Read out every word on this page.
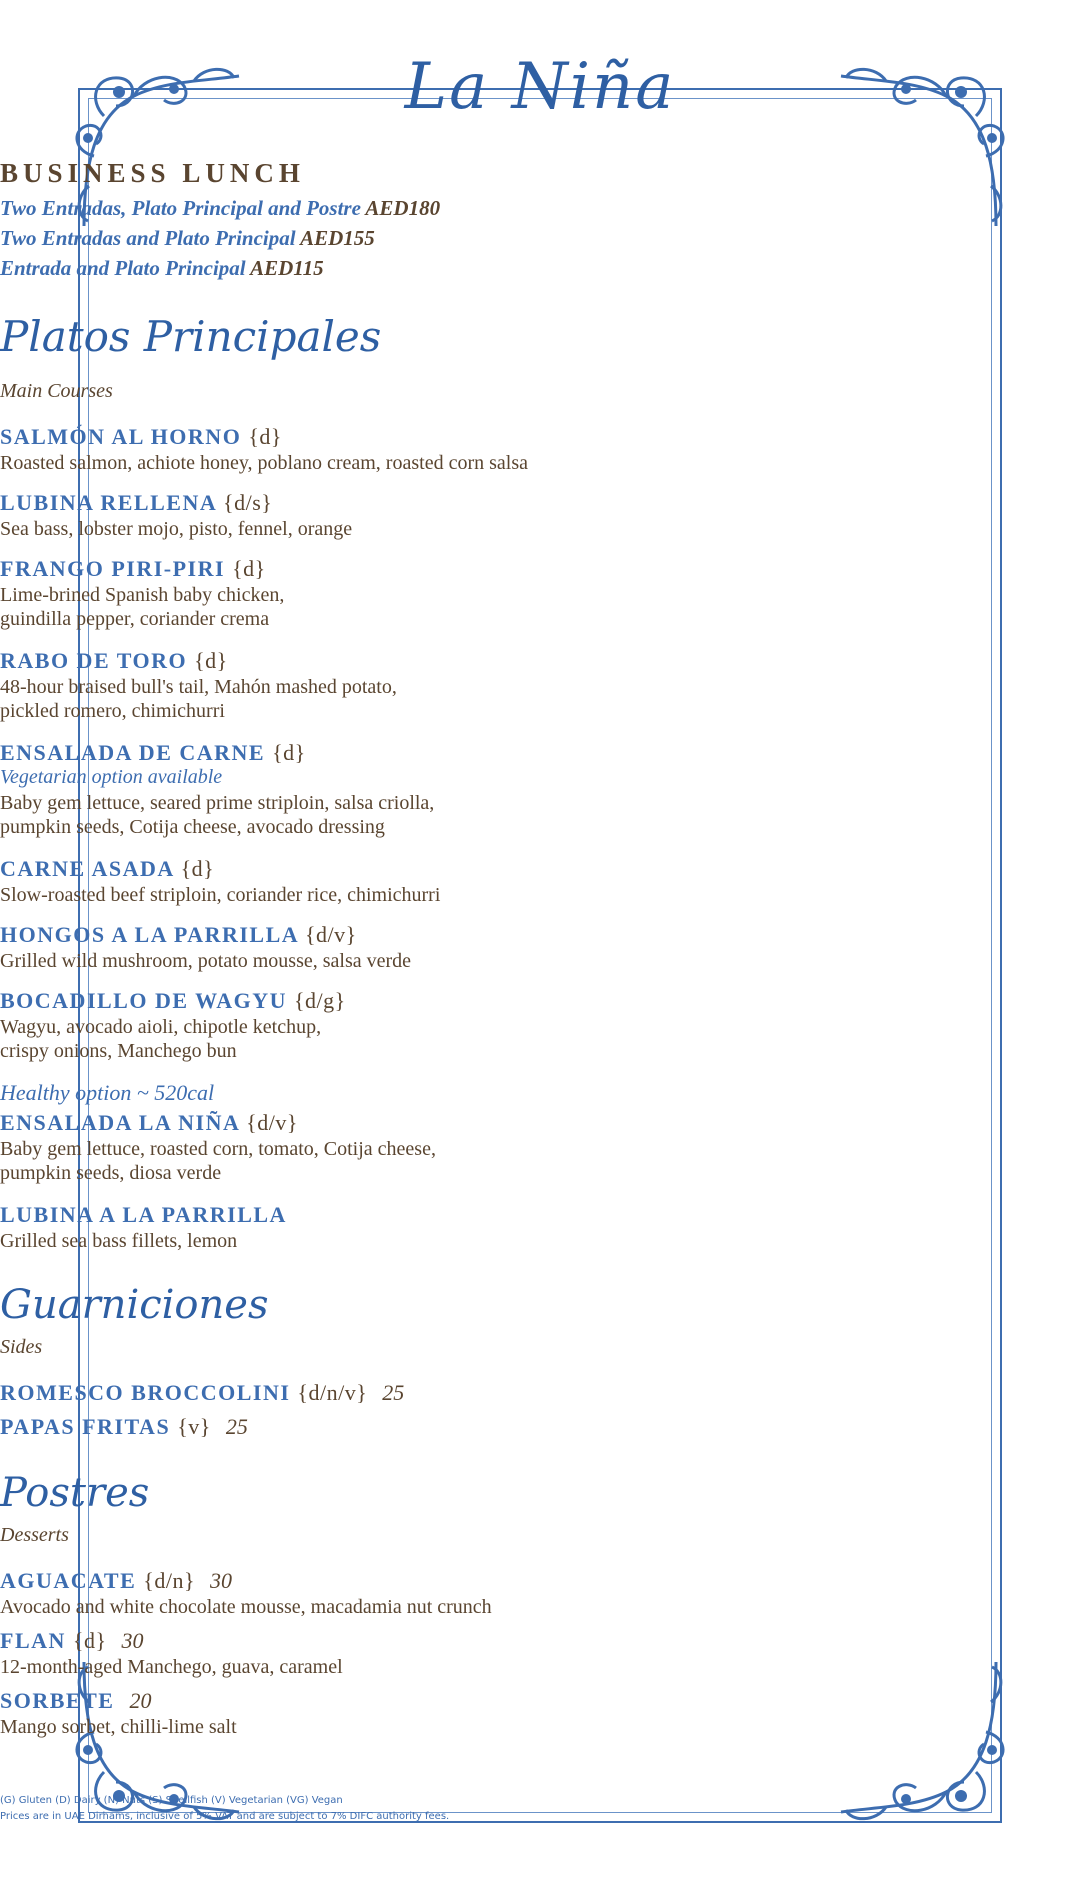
La Niña
BUSINESS LUNCH
Two Entradas, Plato Principal and Postre AED180
Two Entradas and Plato Principal AED155
Entrada and Plato Principal AED115
Platos Principales
Main Courses
SALMÓN AL HORNO {d}
Roasted salmon, achiote honey, poblano cream, roasted corn salsa
LUBINA RELLENA {d/s}
Sea bass, lobster mojo, pisto, fennel, orange
FRANGO PIRI-PIRI {d}
Lime-brined Spanish baby chicken,
guindilla pepper, coriander crema
RABO DE TORO {d}
48-hour braised bull's tail, Mahón mashed potato,
pickled romero, chimichurri
ENSALADA DE CARNE {d}
Vegetarian option available
Baby gem lettuce, seared prime striploin, salsa criolla,
pumpkin seeds, Cotija cheese, avocado dressing
CARNE ASADA {d}
Slow-roasted beef striploin, coriander rice, chimichurri
HONGOS A LA PARRILLA {d/v}
Grilled wild mushroom, potato mousse, salsa verde
BOCADILLO DE WAGYU {d/g}
Wagyu, avocado aioli, chipotle ketchup,
crispy onions, Manchego bun
Healthy option ~ 520cal
ENSALADA LA NIÑA {d/v}
Baby gem lettuce, roasted corn, tomato, Cotija cheese,
pumpkin seeds, diosa verde
LUBINA A LA PARRILLA
Grilled sea bass fillets, lemon
Guarniciones
Sides
ROMESCO BROCCOLINI {d/n/v} 25
PAPAS FRITAS {v} 25
Postres
Desserts
AGUACATE {d/n} 30
Avocado and white chocolate mousse, macadamia nut crunch
FLAN {d} 30
12-month-aged Manchego, guava, caramel
SORBETE 20
Mango sorbet, chilli-lime salt
(G) Gluten (D) Dairy (N) Nuts (S) Shellfish (V) Vegetarian (VG) Vegan
Prices are in UAE Dirhams, inclusive of 5% VAT and are subject to 7% DIFC authority fees.
